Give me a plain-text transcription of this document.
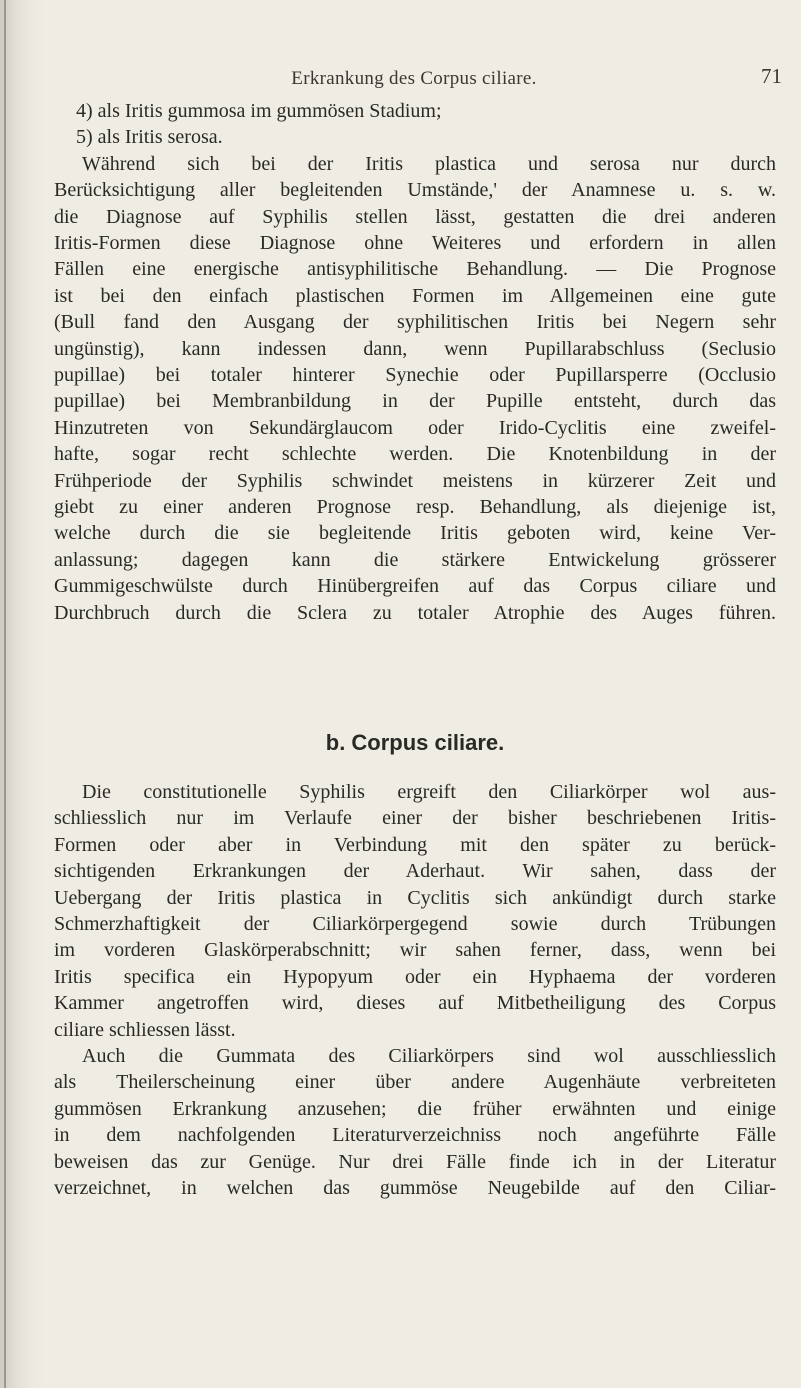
Erkrankung des Corpus ciliare.	71
4) als Iritis gummosa im gummösen Stadium;
5) als Iritis serosa.
Während sich bei der Iritis plastica und serosa nur durch
Berücksichtigung aller begleitenden Umstände,' der Anamnese u. s. w.
die Diagnose auf Syphilis stellen lässt, gestatten die drei anderen
Iritis-Formen diese Diagnose ohne Weiteres und erfordern in allen
Fällen eine energische antisyphilitische Behandlung. — Die Prognose
ist bei den einfach plastischen Formen im Allgemeinen eine gute
(Bull fand den Ausgang der syphilitischen Iritis bei Negern sehr
ungünstig), kann indessen dann, wenn Pupillarabschluss (Seclusio
pupillae) bei totaler hinterer Synechie oder Pupillarsperre (Occlusio
pupillae) bei Membranbildung in der Pupille entsteht, durch das
Hinzutreten von Sekundärglaucom oder Irido-Cyclitis eine zweifel-
hafte, sogar recht schlechte werden. Die Knotenbildung in der
Frühperiode der Syphilis schwindet meistens in kürzerer Zeit und
giebt zu einer anderen Prognose resp. Behandlung, als diejenige ist,
welche durch die sie begleitende Iritis geboten wird, keine Ver-
anlassung; dagegen kann die stärkere Entwickelung grösserer
Gummigeschwülste durch Hinübergreifen auf das Corpus ciliare und
Durchbruch durch die Sclera zu totaler Atrophie des Auges führen.
b. Corpus ciliare.
Die constitutionelle Syphilis ergreift den Ciliarkörper wol aus-
schliesslich nur im Verlaufe einer der bisher beschriebenen Iritis-
Formen oder aber in Verbindung mit den später zu berück-
sichtigenden Erkrankungen der Aderhaut. Wir sahen, dass der
Uebergang der Iritis plastica in Cyclitis sich ankündigt durch starke
Schmerzhaftigkeit der Ciliarkörpergegend sowie durch Trübungen
im vorderen Glaskörperabschnitt; wir sahen ferner, dass, wenn bei
Iritis specifica ein Hypopyum oder ein Hyphaema der vorderen
Kammer angetroffen wird, dieses auf Mitbetheiligung des Corpus
ciliare schliessen lässt.
Auch die Gummata des Ciliarkörpers sind wol ausschliesslich
als Theilerscheinung einer über andere Augenhäute verbreiteten
gummösen Erkrankung anzusehen; die früher erwähnten und einige
in dem nachfolgenden Literaturverzeichniss noch angeführte Fälle
beweisen das zur Genüge. Nur drei Fälle finde ich in der Literatur
verzeichnet, in welchen das gummöse Neugebilde auf den Ciliar-
